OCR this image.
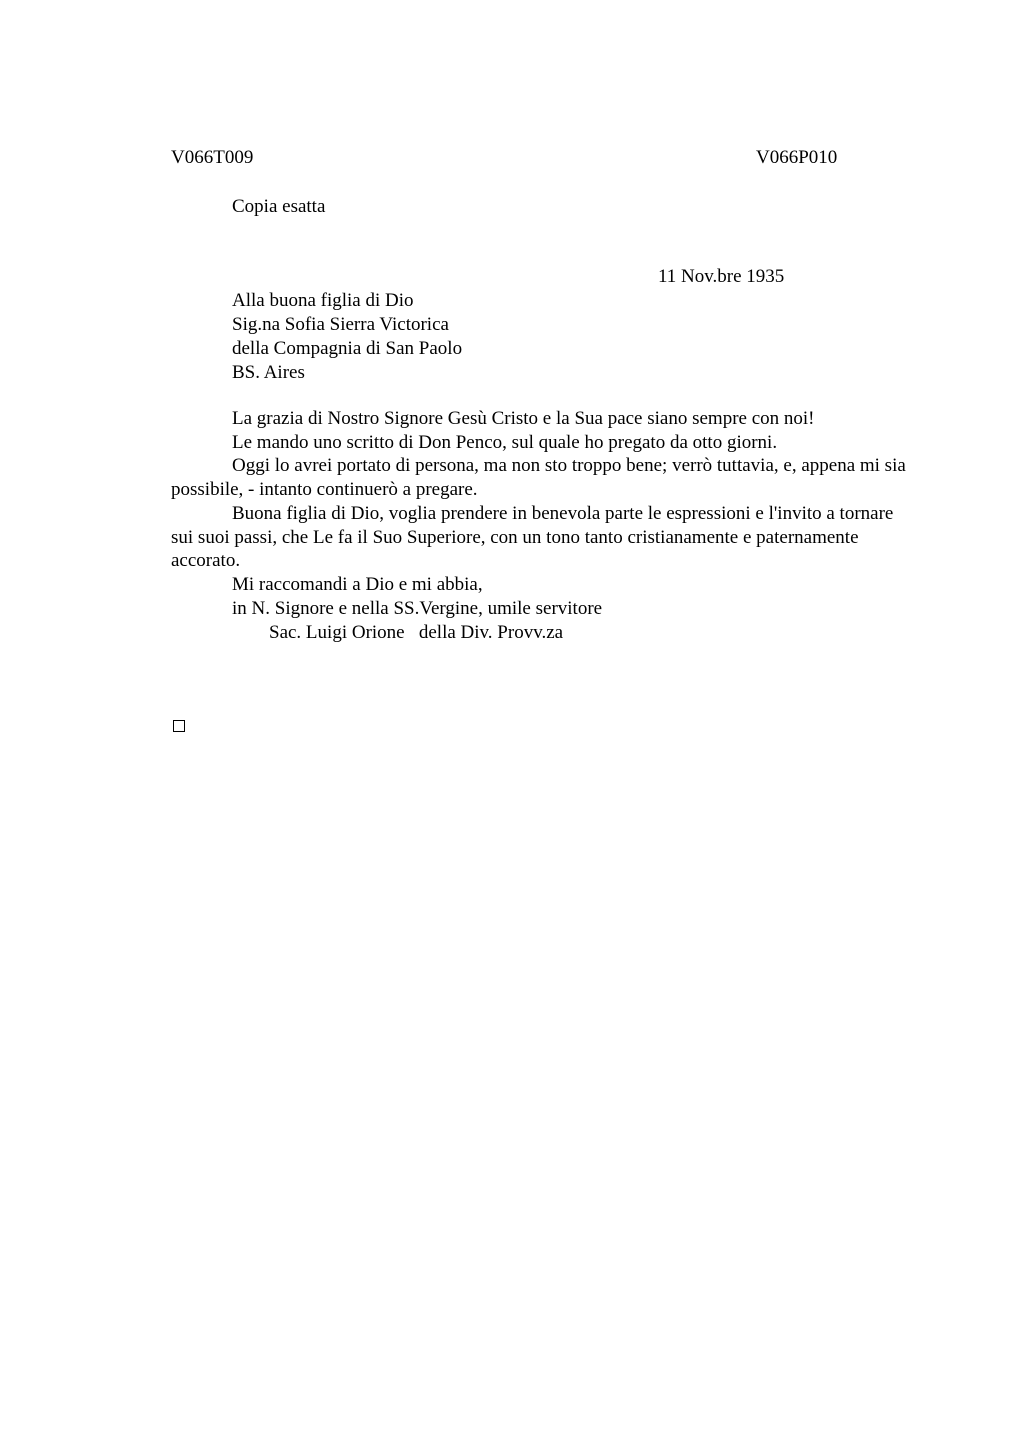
V066T009	V066P010
Copia esatta
11 Nov.bre 1935
Alla buona figlia di Dio
Sig.na Sofia Sierra Victorica
della Compagnia di San Paolo
BS. Aires

La grazia di Nostro Signore Gesù Cristo e la Sua pace siano sempre con noi!

Le mando uno scritto di Don Penco, sul quale ho pregato da otto giorni.

Oggi lo avrei portato di persona, ma non sto troppo bene; verrò tuttavia, e, appena mi sia possibile, - intanto continuerò a pregare.

Buona figlia di Dio, voglia prendere in benevola parte le espressioni e l'invito a tornare sui suoi passi, che Le fa il Suo Superiore, con un tono tanto cristianamente e paternamente accorato.

Mi raccomandi a Dio e mi abbia,

in N. Signore e nella SS.Vergine, umile servitore
Sac. Luigi Orione   della Div. Provv.za
